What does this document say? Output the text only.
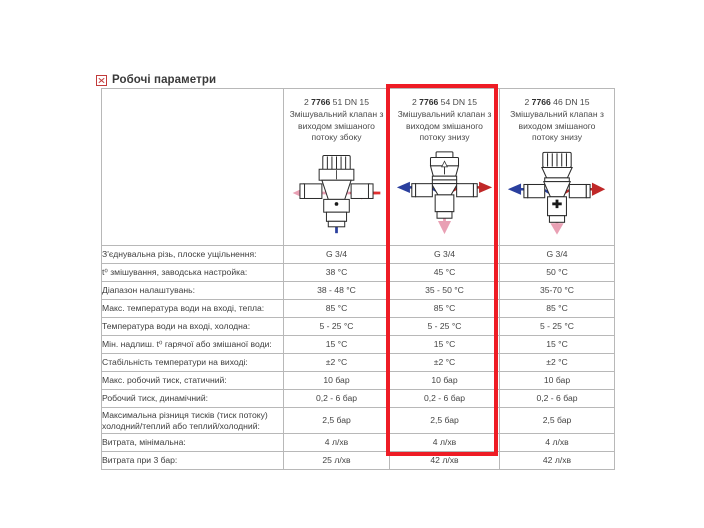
Робочі параметри

2 7766 51 DN 15
Змішувальний клапан з виходом змішаного потоку збоку

2 7766 54 DN 15
Змішувальний клапан з виходом змішаного потоку знизу

2 7766 46 DN 15
Змішувальний клапан з виходом змішаного потоку знизу

З'єднувальна різь, плоске ущільнення:	G 3/4	G 3/4	G 3/4
t⁰ змішування, заводська настройка:	38 °C	45 °C	50 °C
Діапазон налаштувань:	38 - 48 °C	35 - 50 °C	35-70 °C
Макс. температура води на вході, тепла:	85 °C	85 °C	85 °C
Температура води на вході, холодна:	5 - 25 °C	5 - 25 °C	5 - 25 °C
Мін. надлиш. t⁰ гарячої або змішаної води:	15 °C	15 °C	15 °C
Стабільність температури на виході:	±2 °C	±2 °C	±2 °C
Макс. робочий тиск, статичний:	10 бар	10 бар	10 бар
Робочий тиск, динамічний:	0,2 - 6 бар	0,2 - 6 бар	0,2 - 6 бар
Максимальна різниця тисків (тиск потоку) холодний/теплий або теплий/холодний:	2,5 бар	2,5 бар	2,5 бар
Витрата, мінімальна:	4 л/хв	4 л/хв	4 л/хв
Витрата при 3 бар:	25 л/хв	42 л/хв	42 л/хв
